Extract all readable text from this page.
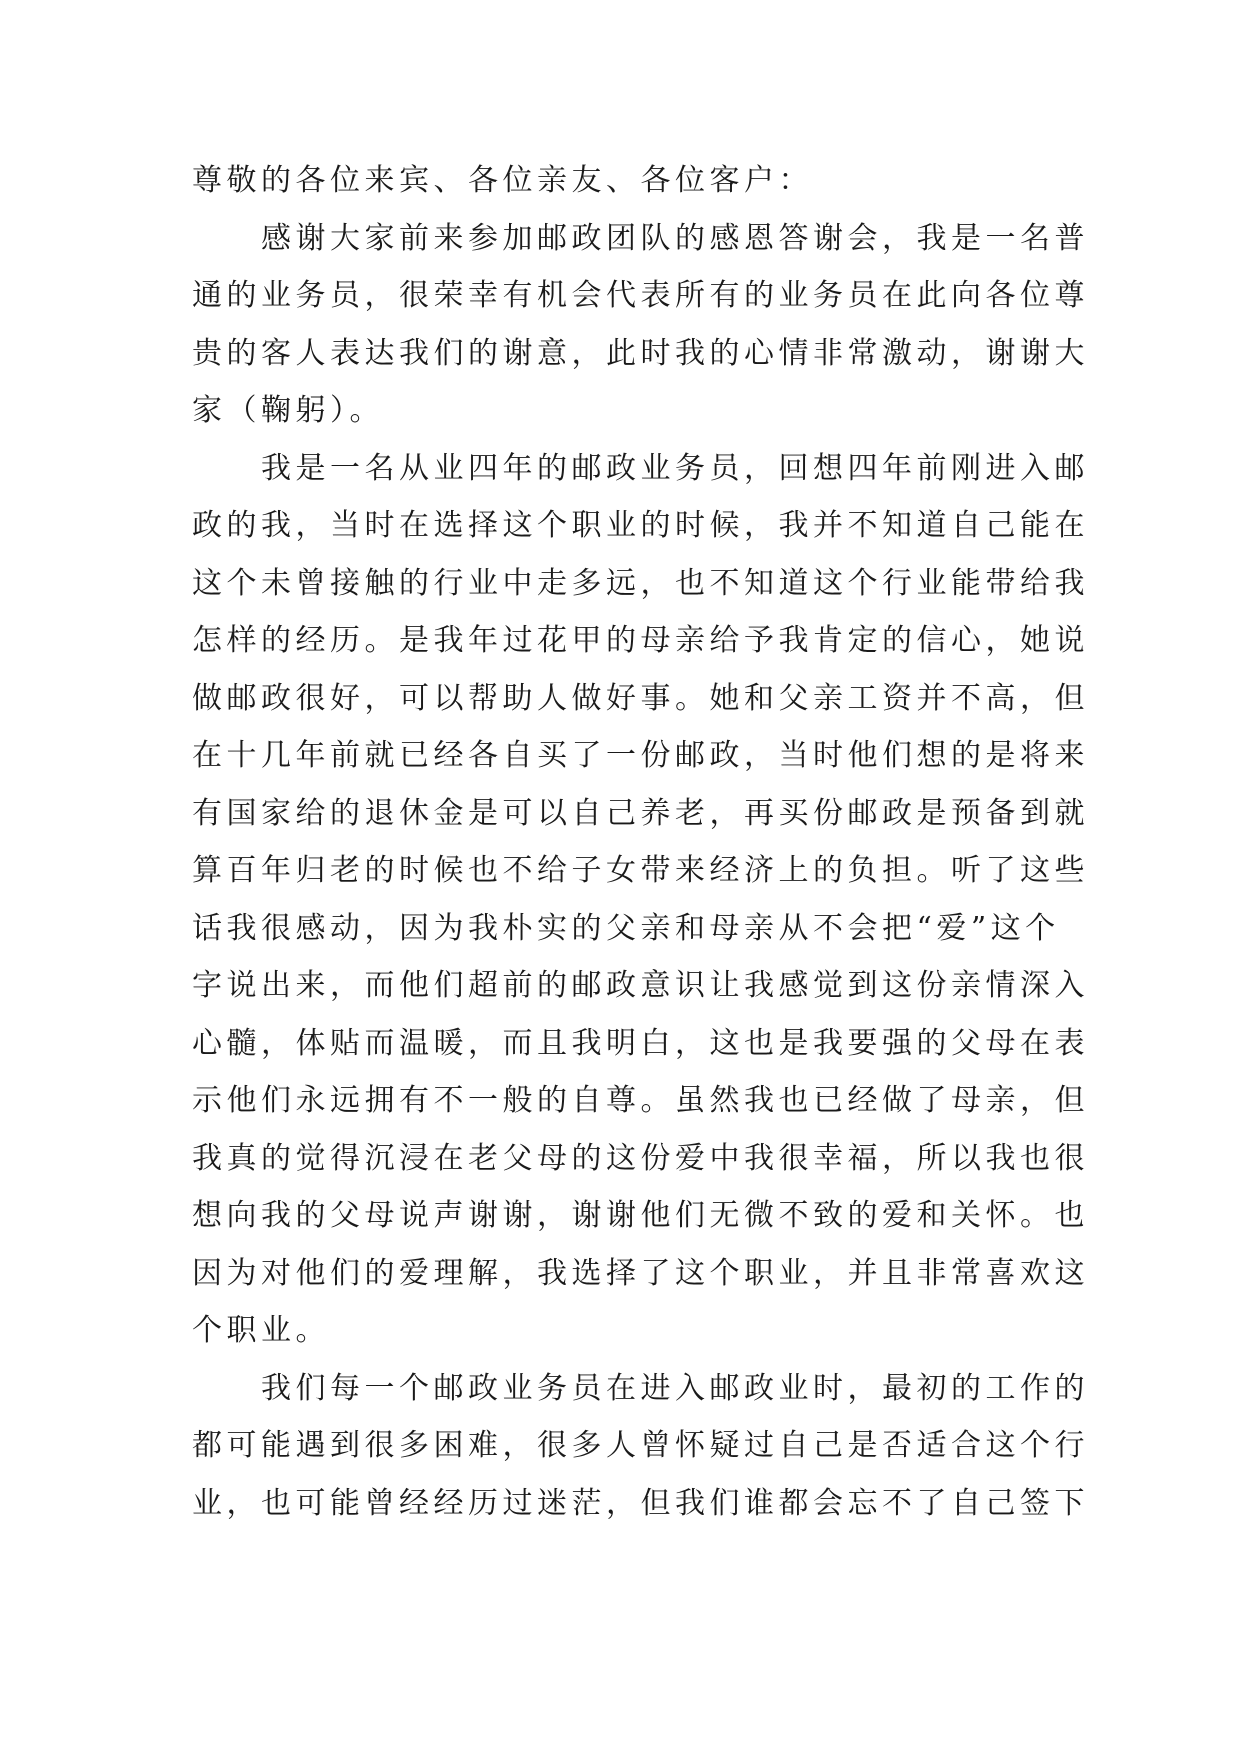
尊敬的各位来宾、各位亲友、各位客户：

感谢大家前来参加邮政团队的感恩答谢会，我是一名普
通的业务员，很荣幸有机会代表所有的业务员在此向各位尊
贵的客人表达我们的谢意，此时我的心情非常激动，谢谢大
家（鞠躬）。

我是一名从业四年的邮政业务员，回想四年前刚进入邮
政的我，当时在选择这个职业的时候，我并不知道自己能在
这个未曾接触的行业中走多远，也不知道这个行业能带给我
怎样的经历。是我年过花甲的母亲给予我肯定的信心，她说
做邮政很好，可以帮助人做好事。她和父亲工资并不高，但
在十几年前就已经各自买了一份邮政，当时他们想的是将来
有国家给的退休金是可以自己养老，再买份邮政是预备到就
算百年归老的时候也不给子女带来经济上的负担。听了这些
话我很感动，因为我朴实的父亲和母亲从不会把“爱”这个
字说出来，而他们超前的邮政意识让我感觉到这份亲情深入
心髓，体贴而温暖，而且我明白，这也是我要强的父母在表
示他们永远拥有不一般的自尊。虽然我也已经做了母亲，但
我真的觉得沉浸在老父母的这份爱中我很幸福，所以我也很
想向我的父母说声谢谢，谢谢他们无微不致的爱和关怀。也
因为对他们的爱理解，我选择了这个职业，并且非常喜欢这
个职业。

我们每一个邮政业务员在进入邮政业时，最初的工作的
都可能遇到很多困难，很多人曾怀疑过自己是否适合这个行
业，也可能曾经经历过迷茫，但我们谁都会忘不了自己签下
